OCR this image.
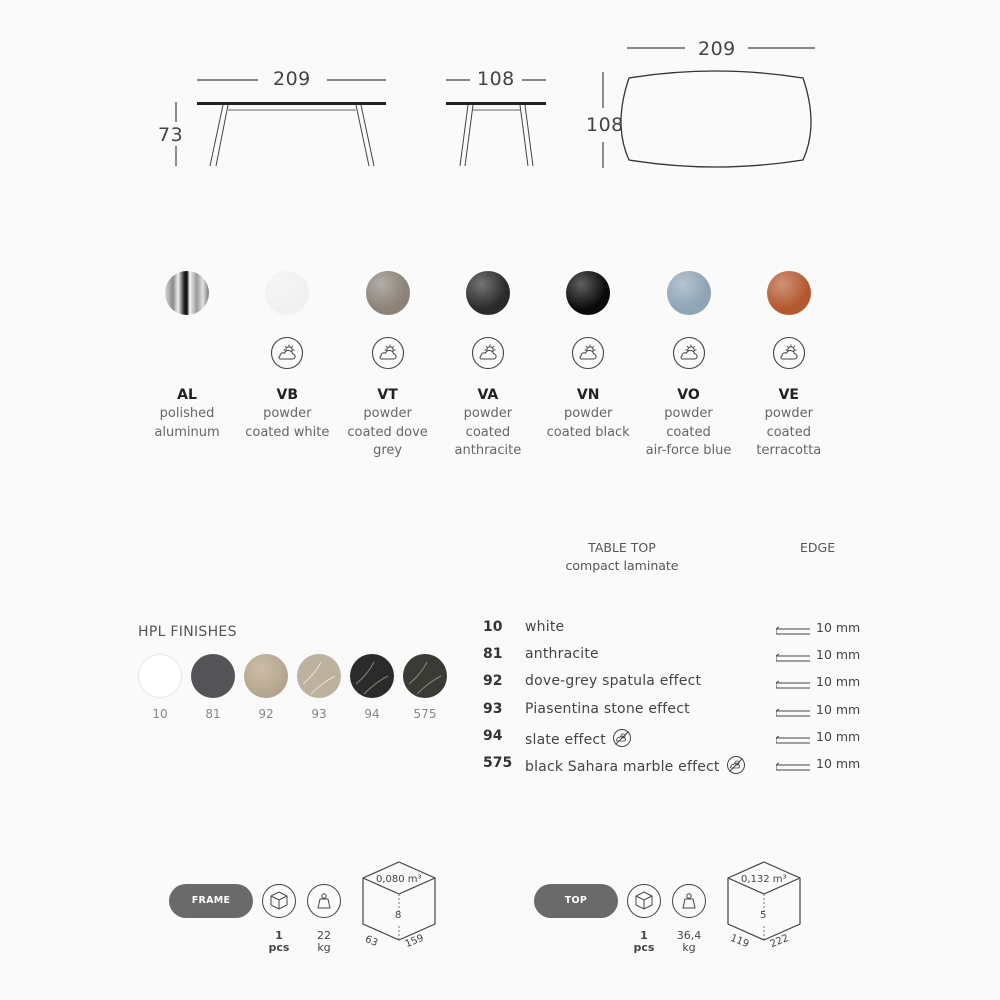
209
73
108
209
108
AL
polished
aluminum
VB
powder
coated white
VT
powder
coated dove
grey
VA
powder
coated
anthracite
VN
powder
coated black
VO
powder
coated
air-force blue
VE
powder
coated
terracotta
TABLE TOP
compact laminate
EDGE
HPL FINISHES
10	81	92	93	94	575
10 white	10 mm
81 anthracite	10 mm
92 dove-grey spatula effect	10 mm
93 Piasentina stone effect	10 mm
94 slate effect	10 mm
575 black Sahara marble effect	10 mm
FRAME
1
pcs
22
kg
0,080 m³
8
63 159
TOP
1
pcs
36,4
kg
0,132 m³
5
119 222
